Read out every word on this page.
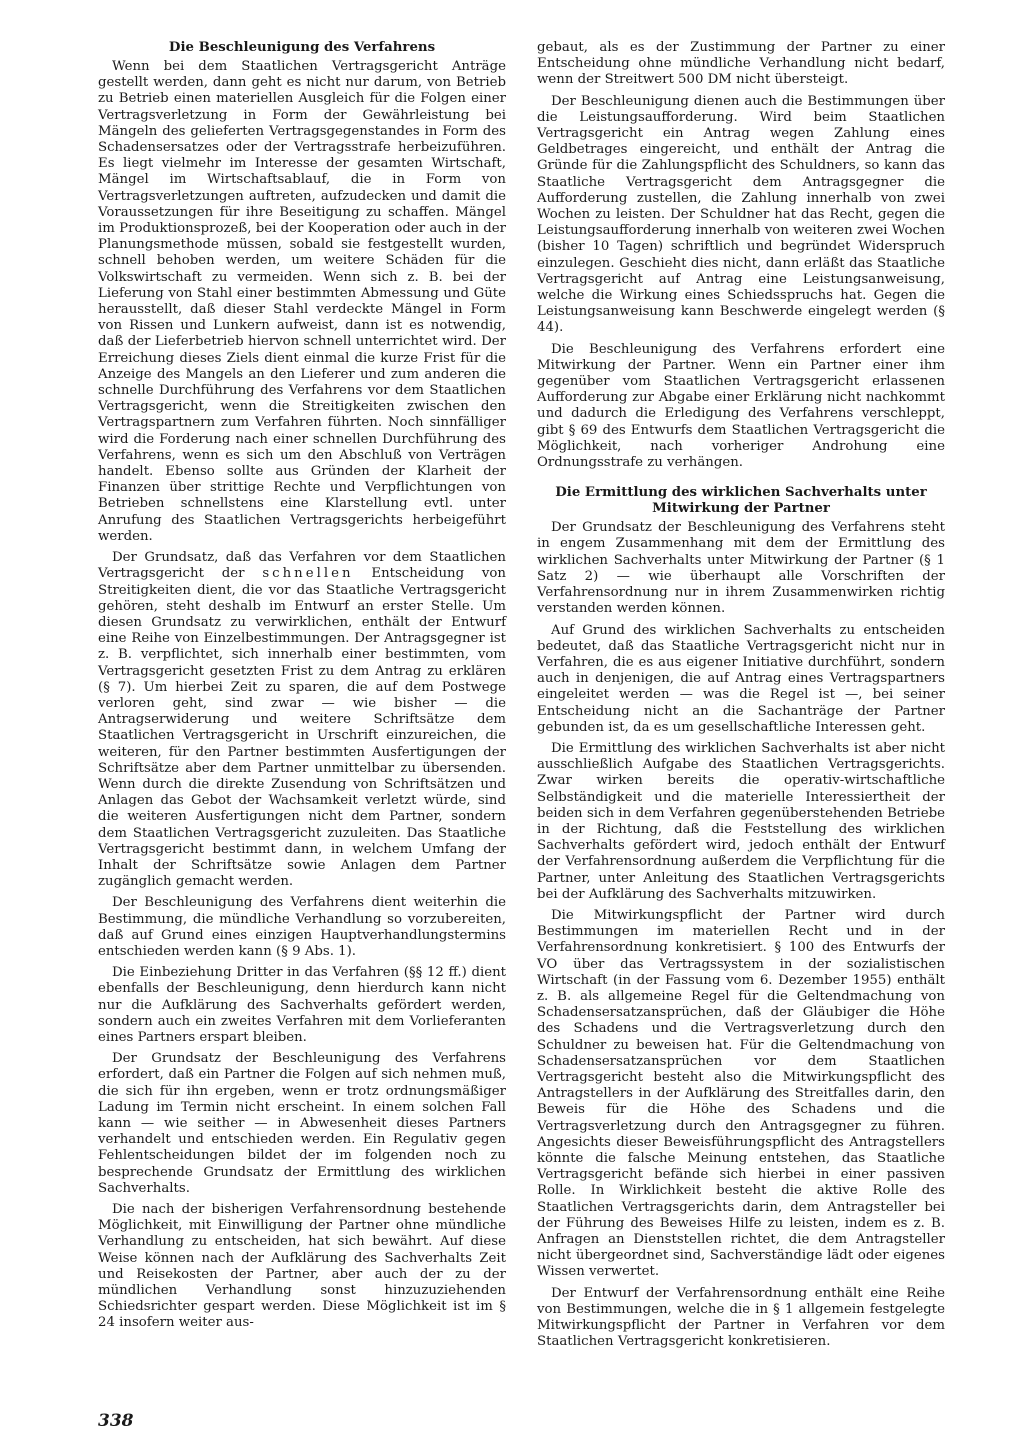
Die Beschleunigung des Verfahrens

Wenn bei dem Staatlichen Vertragsgericht Anträge gestellt werden, dann geht es nicht nur darum, von Betrieb zu Betrieb einen materiellen Ausgleich für die Folgen einer Vertragsverletzung in Form der Gewährleistung bei Mängeln des gelieferten Vertragsgegenstandes in Form des Schadensersatzes oder der Vertragsstrafe herbeizuführen. Es liegt vielmehr im Interesse der gesamten Wirtschaft, Mängel im Wirtschaftsablauf, die in Form von Vertragsverletzungen auftreten, aufzudecken und damit die Voraussetzungen für ihre Beseitigung zu schaffen. Mängel im Produktionsprozeß, bei der Kooperation oder auch in der Planungsmethode müssen, sobald sie festgestellt wurden, schnell behoben werden, um weitere Schäden für die Volkswirtschaft zu vermeiden. Wenn sich z. B. bei der Lieferung von Stahl einer bestimmten Abmessung und Güte herausstellt, daß dieser Stahl verdeckte Mängel in Form von Rissen und Lunkern aufweist, dann ist es notwendig, daß der Lieferbetrieb hiervon schnell unterrichtet wird. Der Erreichung dieses Ziels dient einmal die kurze Frist für die Anzeige des Mangels an den Lieferer und zum anderen die schnelle Durchführung des Verfahrens vor dem Staatlichen Vertragsgericht, wenn die Streitigkeiten zwischen den Vertragspartnern zum Verfahren führten. Noch sinnfälliger wird die Forderung nach einer schnellen Durchführung des Verfahrens, wenn es sich um den Abschluß von Verträgen handelt. Ebenso sollte aus Gründen der Klarheit der Finanzen über strittige Rechte und Verpflichtungen von Betrieben schnellstens eine Klarstellung evtl. unter Anrufung des Staatlichen Vertragsgerichts herbeigeführt werden.

Der Grundsatz, daß das Verfahren vor dem Staatlichen Vertragsgericht der schnellen Entscheidung von Streitigkeiten dient, die vor das Staatliche Vertragsgericht gehören, steht deshalb im Entwurf an erster Stelle. Um diesen Grundsatz zu verwirklichen, enthält der Entwurf eine Reihe von Einzelbestimmungen. Der Antragsgegner ist z. B. verpflichtet, sich innerhalb einer bestimmten, vom Vertragsgericht gesetzten Frist zu dem Antrag zu erklären (§ 7). Um hierbei Zeit zu sparen, die auf dem Postwege verloren geht, sind zwar — wie bisher — die Antragserwiderung und weitere Schriftsätze dem Staatlichen Vertragsgericht in Urschrift einzureichen, die weiteren, für den Partner bestimmten Ausfertigungen der Schriftsätze aber dem Partner unmittelbar zu übersenden. Wenn durch die direkte Zusendung von Schriftsätzen und Anlagen das Gebot der Wachsamkeit verletzt würde, sind die weiteren Ausfertigungen nicht dem Partner, sondern dem Staatlichen Vertragsgericht zuzuleiten. Das Staatliche Vertragsgericht bestimmt dann, in welchem Umfang der Inhalt der Schriftsätze sowie Anlagen dem Partner zugänglich gemacht werden.

Der Beschleunigung des Verfahrens dient weiterhin die Bestimmung, die mündliche Verhandlung so vorzubereiten, daß auf Grund eines einzigen Hauptverhandlungstermins entschieden werden kann (§ 9 Abs. 1).

Die Einbeziehung Dritter in das Verfahren (§§ 12 ff.) dient ebenfalls der Beschleunigung, denn hierdurch kann nicht nur die Aufklärung des Sachverhalts gefördert werden, sondern auch ein zweites Verfahren mit dem Vorlieferanten eines Partners erspart bleiben.

Der Grundsatz der Beschleunigung des Verfahrens erfordert, daß ein Partner die Folgen auf sich nehmen muß, die sich für ihn ergeben, wenn er trotz ordnungsmäßiger Ladung im Termin nicht erscheint. In einem solchen Fall kann — wie seither — in Abwesenheit dieses Partners verhandelt und entschieden werden. Ein Regulativ gegen Fehlentscheidungen bildet der im folgenden noch zu besprechende Grundsatz der Ermittlung des wirklichen Sachverhalts.

Die nach der bisherigen Verfahrensordnung bestehende Möglichkeit, mit Einwilligung der Partner ohne mündliche Verhandlung zu entscheiden, hat sich bewährt. Auf diese Weise können nach der Aufklärung des Sachverhalts Zeit und Reisekosten der Partner, aber auch der zu der mündlichen Verhandlung sonst hinzuzuziehenden Schiedsrichter gespart werden. Diese Möglichkeit ist im § 24 insofern weiter aus-

gebaut, als es der Zustimmung der Partner zu einer Entscheidung ohne mündliche Verhandlung nicht bedarf, wenn der Streitwert 500 DM nicht übersteigt.

Der Beschleunigung dienen auch die Bestimmungen über die Leistungsaufforderung. Wird beim Staatlichen Vertragsgericht ein Antrag wegen Zahlung eines Geldbetrages eingereicht, und enthält der Antrag die Gründe für die Zahlungspflicht des Schuldners, so kann das Staatliche Vertragsgericht dem Antragsgegner die Aufforderung zustellen, die Zahlung innerhalb von zwei Wochen zu leisten. Der Schuldner hat das Recht, gegen die Leistungsaufforderung innerhalb von weiteren zwei Wochen (bisher 10 Tagen) schriftlich und begründet Widerspruch einzulegen. Geschieht dies nicht, dann erläßt das Staatliche Vertragsgericht auf Antrag eine Leistungsanweisung, welche die Wirkung eines Schiedsspruchs hat. Gegen die Leistungsanweisung kann Beschwerde eingelegt werden (§ 44).

Die Beschleunigung des Verfahrens erfordert eine Mitwirkung der Partner. Wenn ein Partner einer ihm gegenüber vom Staatlichen Vertragsgericht erlassenen Aufforderung zur Abgabe einer Erklärung nicht nachkommt und dadurch die Erledigung des Verfahrens verschleppt, gibt § 69 des Entwurfs dem Staatlichen Vertragsgericht die Möglichkeit, nach vorheriger Androhung eine Ordnungsstrafe zu verhängen.

Die Ermittlung des wirklichen Sachverhalts unter Mitwirkung der Partner

Der Grundsatz der Beschleunigung des Verfahrens steht in engem Zusammenhang mit dem der Ermittlung des wirklichen Sachverhalts unter Mitwirkung der Partner (§ 1 Satz 2) — wie überhaupt alle Vorschriften der Verfahrensordnung nur in ihrem Zusammenwirken richtig verstanden werden können.

Auf Grund des wirklichen Sachverhalts zu entscheiden bedeutet, daß das Staatliche Vertragsgericht nicht nur in Verfahren, die es aus eigener Initiative durchführt, sondern auch in denjenigen, die auf Antrag eines Vertragspartners eingeleitet werden — was die Regel ist —, bei seiner Entscheidung nicht an die Sachanträge der Partner gebunden ist, da es um gesellschaftliche Interessen geht.

Die Ermittlung des wirklichen Sachverhalts ist aber nicht ausschließlich Aufgabe des Staatlichen Vertragsgerichts. Zwar wirken bereits die operativ-wirtschaftliche Selbständigkeit und die materielle Interessiertheit der beiden sich in dem Verfahren gegenüberstehenden Betriebe in der Richtung, daß die Feststellung des wirklichen Sachverhalts gefördert wird, jedoch enthält der Entwurf der Verfahrensordnung außerdem die Verpflichtung für die Partner, unter Anleitung des Staatlichen Vertragsgerichts bei der Aufklärung des Sachverhalts mitzuwirken.

Die Mitwirkungspflicht der Partner wird durch Bestimmungen im materiellen Recht und in der Verfahrensordnung konkretisiert. § 100 des Entwurfs der VO über das Vertragssystem in der sozialistischen Wirtschaft (in der Fassung vom 6. Dezember 1955) enthält z. B. als allgemeine Regel für die Geltendmachung von Schadensersatzansprüchen, daß der Gläubiger die Höhe des Schadens und die Vertragsverletzung durch den Schuldner zu beweisen hat. Für die Geltendmachung von Schadensersatzansprüchen vor dem Staatlichen Vertragsgericht besteht also die Mitwirkungspflicht des Antragstellers in der Aufklärung des Streitfalles darin, den Beweis für die Höhe des Schadens und die Vertragsverletzung durch den Antragsgegner zu führen. Angesichts dieser Beweisführungspflicht des Antragstellers könnte die falsche Meinung entstehen, das Staatliche Vertragsgericht befände sich hierbei in einer passiven Rolle. In Wirklichkeit besteht die aktive Rolle des Staatlichen Vertragsgerichts darin, dem Antragsteller bei der Führung des Beweises Hilfe zu leisten, indem es z. B. Anfragen an Dienststellen richtet, die dem Antragsteller nicht übergeordnet sind, Sachverständige lädt oder eigenes Wissen verwertet.

Der Entwurf der Verfahrensordnung enthält eine Reihe von Bestimmungen, welche die in § 1 allgemein festgelegte Mitwirkungspflicht der Partner in Verfahren vor dem Staatlichen Vertragsgericht konkretisieren.

338
